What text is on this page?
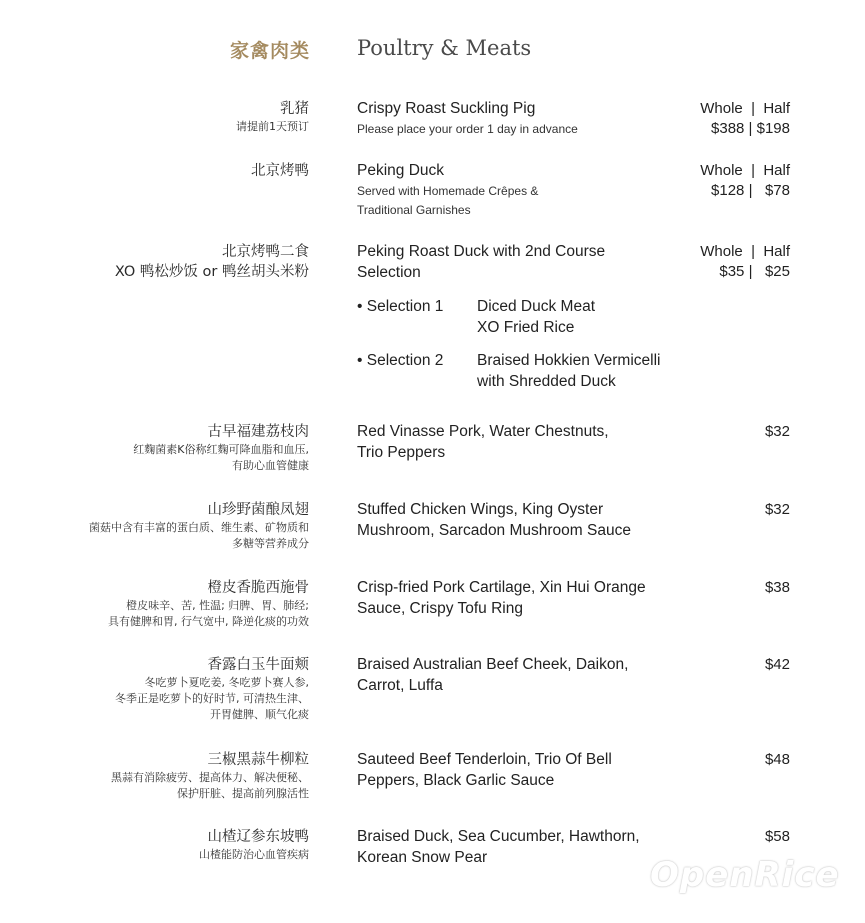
家禽肉类 Poultry & Meats
乳猪
请提前1天预订
Crispy Roast Suckling Pig
Please place your order 1 day in advance
Whole  |  Half
$388 | $198
北京烤鸭	Peking Duck
Served with Homemade Crêpes &
Traditional Garnishes
Whole  |  Half
$128 |   $78
北京烤鸭二食
XO 鸭松炒饭 or 鸭丝胡头米粉
Peking Roast Duck with 2nd Course
Selection
Whole  |  Half
$35 |   $25
• Selection 1 Diced Duck Meat
XO Fried Rice
• Selection 2 Braised Hokkien Vermicelli
with Shredded Duck
古早福建荔枝肉
红麴菌素K俗称红麴可降血脂和血压,
有助心血管健康
Red Vinasse Pork, Water Chestnuts,
Trio Peppers
$32
山珍野菌酿凤翅
菌菇中含有丰富的蛋白质、维生素、矿物质和
多糖等营养成分
Stuffed Chicken Wings, King Oyster
Mushroom, Sarcadon Mushroom Sauce
$32
橙皮香脆西施骨
橙皮味辛、苦, 性温; 归脾、胃、肺经;
具有健脾和胃, 行气宽中, 降逆化痰的功效
Crisp-fried Pork Cartilage, Xin Hui Orange
Sauce, Crispy Tofu Ring
$38
香露白玉牛面颊
冬吃萝卜夏吃姜, 冬吃萝卜赛人参,
冬季正是吃萝卜的好时节, 可清热生津、
开胃健脾、顺气化痰
Braised Australian Beef Cheek, Daikon,
Carrot, Luffa
$42
三椒黑蒜牛柳粒
黑蒜有消除疲劳、提高体力、解决便秘、
保护肝脏、提高前列腺活性
Sauteed Beef Tenderloin, Trio Of Bell
Peppers, Black Garlic Sauce
$48
山楂辽参东坡鸭
山楂能防治心血管疾病
Braised Duck, Sea Cucumber, Hawthorn,
Korean Snow Pear
$58
OpenRice
